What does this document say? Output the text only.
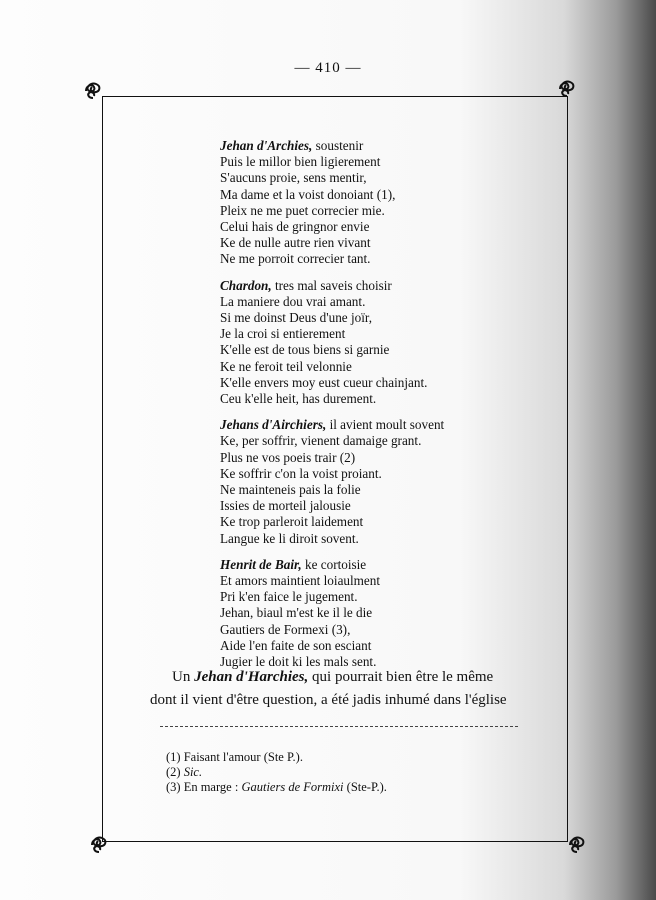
— 410 —
Jehan d'Archies, soustenir
Puis le millor bien ligierement
S'aucuns proie, sens mentir,
Ma dame et la voist donoiant (1),
Pleix ne me puet correcier mie.
Celui hais de gringnor envie
Ke de nulle autre rien vivant
Ne me porroit correcier tant.
Chardon, tres mal saveis choisir
La maniere dou vrai amant.
Si me doinst Deus d'une joïr,
Je la croi si entierement
K'elle est de tous biens si garnie
Ke ne feroit teil velonnie
K'elle envers moy eust cueur chainjant.
Ceu k'elle heit, has durement.
Jehans d'Airchiers, il avient moult sovent
Ke, per soffrir, vienent damaige grant.
Plus ne vos poeis trair (2)
Ke soffrir c'on la voist proiant.
Ne mainteneis pais la folie
Issies de morteil jalousie
Ke trop parleroit laidement
Langue ke li diroit sovent.
Henrit de Bair, ke cortoisie
Et amors maintient loiaulment
Pri k'en faice le jugement.
Jehan, biaul m'est ke il le die
Gautiers de Formexi (3),
Aide l'en faite de son esciant
Jugier le doit ki les mals sent.

Un Jehan d'Harchies, qui pourrait bien être le même

dont il vient d'être question, a été jadis inhumé dans l'église

(1) Faisant l'amour (Ste P.).
(2) Sic.
(3) En marge : Gautiers de Formixi (Ste-P.).
